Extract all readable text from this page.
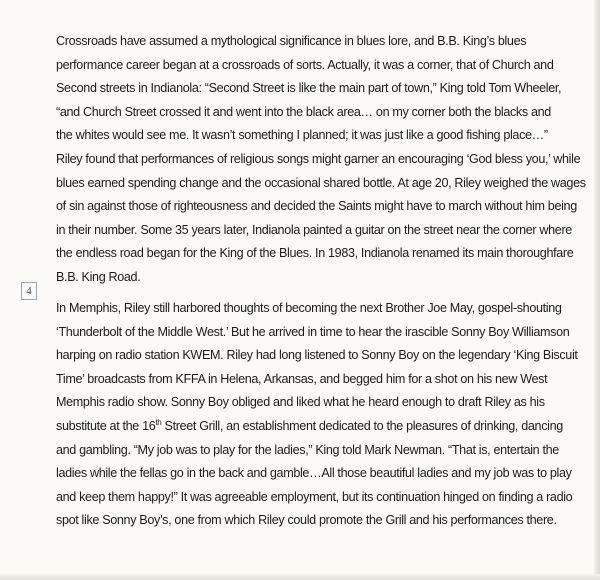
4

Crossroads have assumed a mythological significance in blues lore, and B.B. King’s blues
performance career began at a crossroads of sorts. Actually, it was a corner, that of Church and
Second streets in Indianola: “Second Street is like the main part of town,” King told Tom Wheeler,
“and Church Street crossed it and went into the black area… on my corner both the blacks and
the whites would see me. It wasn’t something I planned; it was just like a good fishing place…”
Riley found that performances of religious songs might garner an encouraging ‘God bless you,’ while
blues earned spending change and the occasional shared bottle. At age 20, Riley weighed the wages
of sin against those of righteousness and decided the Saints might have to march without him being
in their number. Some 35 years later, Indianola painted a guitar on the street near the corner where
the endless road began for the King of the Blues. In 1983, Indianola renamed its main thoroughfare
B.B. King Road.

In Memphis, Riley still harbored thoughts of becoming the next Brother Joe May, gospel-shouting
‘Thunderbolt of the Middle West.’ But he arrived in time to hear the irascible Sonny Boy Williamson
harping on radio station KWEM. Riley had long listened to Sonny Boy on the legendary ‘King Biscuit
Time’ broadcasts from KFFA in Helena, Arkansas, and begged him for a shot on his new West
Memphis radio show. Sonny Boy obliged and liked what he heard enough to draft Riley as his
substitute at the 16th Street Grill, an establishment dedicated to the pleasures of drinking, dancing
and gambling. “My job was to play for the ladies,” King told Mark Newman. “That is, entertain the
ladies while the fellas go in the back and gamble…All those beautiful ladies and my job was to play
and keep them happy!” It was agreeable employment, but its continuation hinged on finding a radio
spot like Sonny Boy’s, one from which Riley could promote the Grill and his performances there.
